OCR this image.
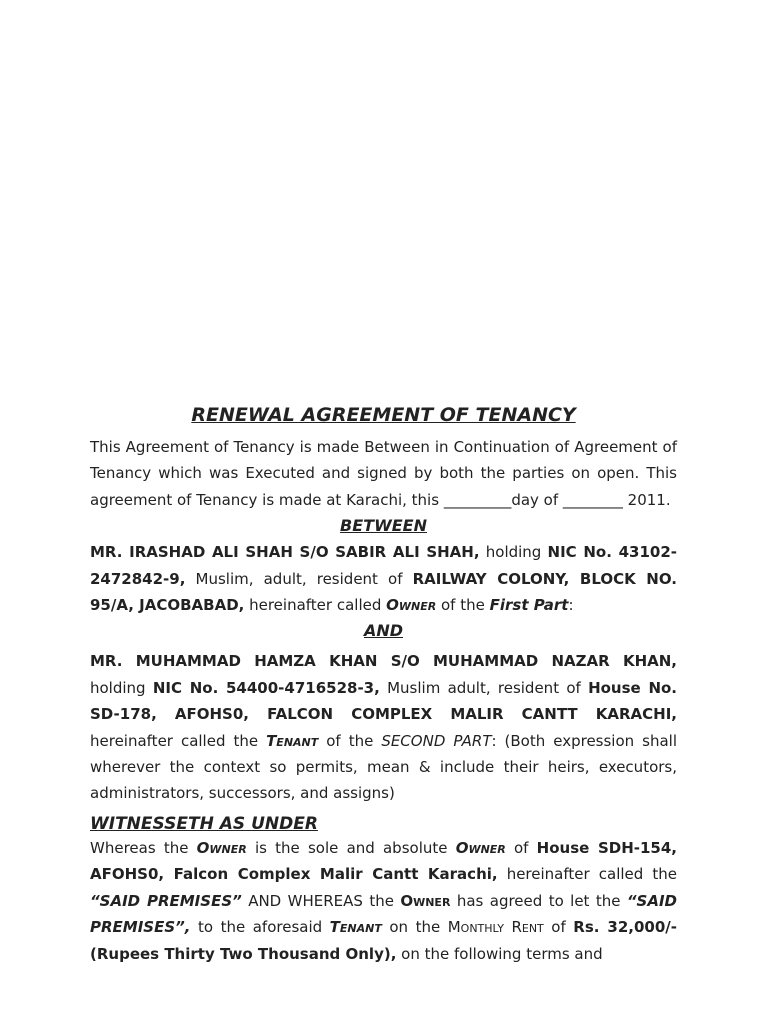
RENEWAL AGREEMENT OF TENANCY

This Agreement of Tenancy is made Between in Continuation of Agreement of Tenancy which was Executed and signed by both the parties on open. This agreement of Tenancy is made at Karachi, this _________day of ________ 2011.

BETWEEN

MR. IRASHAD ALI SHAH S/O SABIR ALI SHAH, holding NIC No. 43102-2472842-9, Muslim, adult, resident of RAILWAY COLONY, BLOCK NO. 95/A, JACOBABAD, hereinafter called Owner of the First Part:

AND

MR. MUHAMMAD HAMZA KHAN S/O MUHAMMAD NAZAR KHAN, holding NIC No. 54400-4716528-3, Muslim adult, resident of House No. SD-178, AFOHS0, FALCON COMPLEX MALIR CANTT KARACHI, hereinafter called the Tenant of the SECOND PART: (Both expression shall wherever the context so permits, mean & include their heirs, executors, administrators, successors, and assigns)

WITNESSETH AS UNDER

Whereas the Owner is the sole and absolute Owner of House SDH-154, AFOHS0, Falcon Complex Malir Cantt Karachi, hereinafter called the “SAID PREMISES” AND WHEREAS the Owner has agreed to let the “SAID PREMISES”, to the aforesaid Tenant on the Monthly Rent of Rs. 32,000/- (Rupees Thirty Two Thousand Only), on the following terms and
